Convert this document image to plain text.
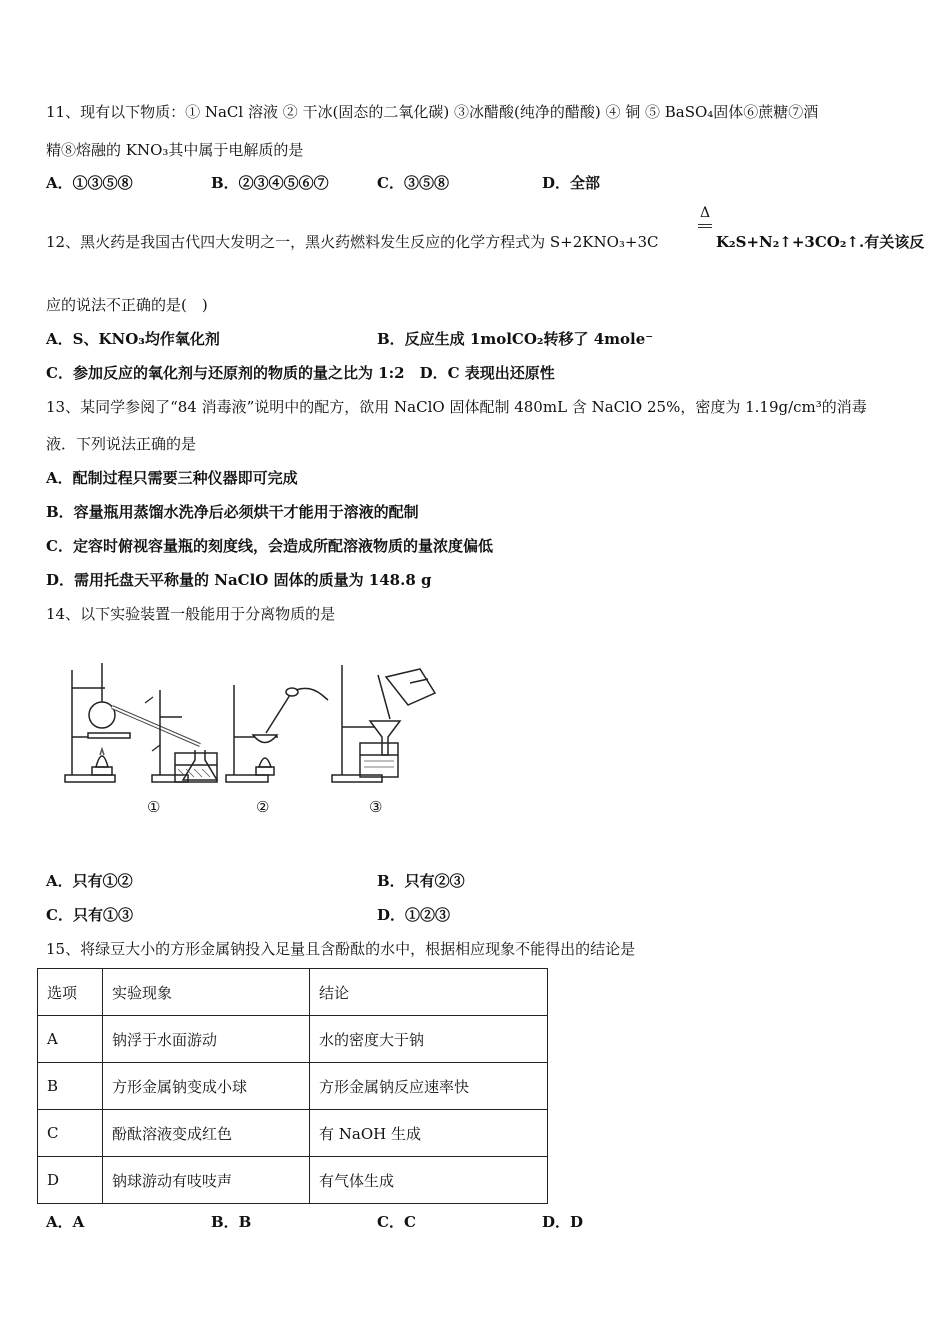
11、现有以下物质：① NaCl 溶液 ② 干冰(固态的二氧化碳) ③冰醋酸(纯净的醋酸) ④ 铜 ⑤ BaSO₄固体⑥蔗糖⑦酒
精⑧熔融的 KNO₃其中属于电解质的是
A．①③⑤⑧	B．②③④⑤⑥⑦	C．③⑤⑧	D．全部
12、黑火药是我国古代四大发明之一，黑火药燃料发生反应的化学方程式为 S+2KNO₃+3C
Δ
K₂S+N₂↑+3CO₂↑.有关该反
应的说法不正确的是(　)
A．S、KNO₃均作氧化剂	B．反应生成 1molCO₂转移了 4mole⁻
C．参加反应的氧化剂与还原剂的物质的量之比为 1:2　D．C 表现出还原性
13、某同学参阅了“84 消毒液”说明中的配方，欲用 NaClO 固体配制 480mL 含 NaClO 25%，密度为 1.19g/cm³的消毒
液．下列说法正确的是
A．配制过程只需要三种仪器即可完成
B．容量瓶用蒸馏水洗净后必须烘干才能用于溶液的配制
C．定容时俯视容量瓶的刻度线，会造成所配溶液物质的量浓度偏低
D．需用托盘天平称量的 NaClO 固体的质量为 148.8 g
14、以下实验装置一般能用于分离物质的是
①	②	③
A．只有①②	B．只有②③
C．只有①③	D．①②③
15、将绿豆大小的方形金属钠投入足量且含酚酞的水中，根据相应现象不能得出的结论是
选项	实验现象	结论
A	钠浮于水面游动	水的密度大于钠
B	方形金属钠变成小球	方形金属钠反应速率快
C	酚酞溶液变成红色	有 NaOH 生成
D	钠球游动有吱吱声	有气体生成
A．A	B．B	C．C	D．D
